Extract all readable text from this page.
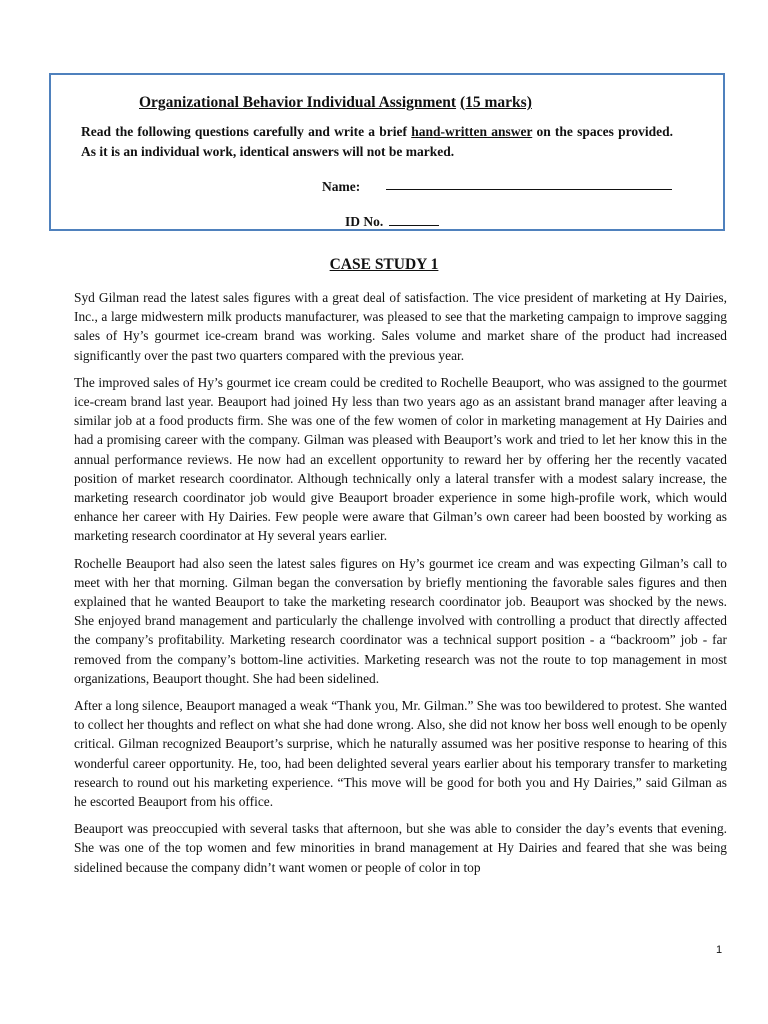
Organizational Behavior Individual Assignment (15 marks)
Read the following questions carefully and write a brief hand-written answer on the spaces provided. As it is an individual work, identical answers will not be marked.
Name:
ID No.
CASE STUDY 1

Syd Gilman read the latest sales figures with a great deal of satisfaction. The vice president of marketing at Hy Dairies, Inc., a large midwestern milk products manufacturer, was pleased to see that the marketing campaign to improve sagging sales of Hy’s gourmet ice-cream brand was working. Sales volume and market share of the product had increased significantly over the past two quarters compared with the previous year.

The improved sales of Hy’s gourmet ice cream could be credited to Rochelle Beauport, who was assigned to the gourmet ice-cream brand last year. Beauport had joined Hy less than two years ago as an assistant brand manager after leaving a similar job at a food products firm. She was one of the few women of color in marketing management at Hy Dairies and had a promising career with the company. Gilman was pleased with Beauport’s work and tried to let her know this in the annual performance reviews. He now had an excellent opportunity to reward her by offering her the recently vacated position of market research coordinator. Although technically only a lateral transfer with a modest salary increase, the marketing research coordinator job would give Beauport broader experience in some high-profile work, which would enhance her career with Hy Dairies. Few people were aware that Gilman’s own career had been boosted by working as marketing research coordinator at Hy several years earlier.

Rochelle Beauport had also seen the latest sales figures on Hy’s gourmet ice cream and was expecting Gilman’s call to meet with her that morning. Gilman began the conversation by briefly mentioning the favorable sales figures and then explained that he wanted Beauport to take the marketing research coordinator job. Beauport was shocked by the news. She enjoyed brand management and particularly the challenge involved with controlling a product that directly affected the company’s profitability. Marketing research coordinator was a technical support position - a “backroom” job - far removed from the company’s bottom-line activities. Marketing research was not the route to top management in most organizations, Beauport thought. She had been sidelined.

After a long silence, Beauport managed a weak “Thank you, Mr. Gilman.” She was too bewildered to protest. She wanted to collect her thoughts and reflect on what she had done wrong. Also, she did not know her boss well enough to be openly critical. Gilman recognized Beauport’s surprise, which he naturally assumed was her positive response to hearing of this wonderful career opportunity. He, too, had been delighted several years earlier about his temporary transfer to marketing research to round out his marketing experience. “This move will be good for both you and Hy Dairies,” said Gilman as he escorted Beauport from his office.

Beauport was preoccupied with several tasks that afternoon, but she was able to consider the day’s events that evening. She was one of the top women and few minorities in brand management at Hy Dairies and feared that she was being sidelined because the company didn’t want women or people of color in top

1
